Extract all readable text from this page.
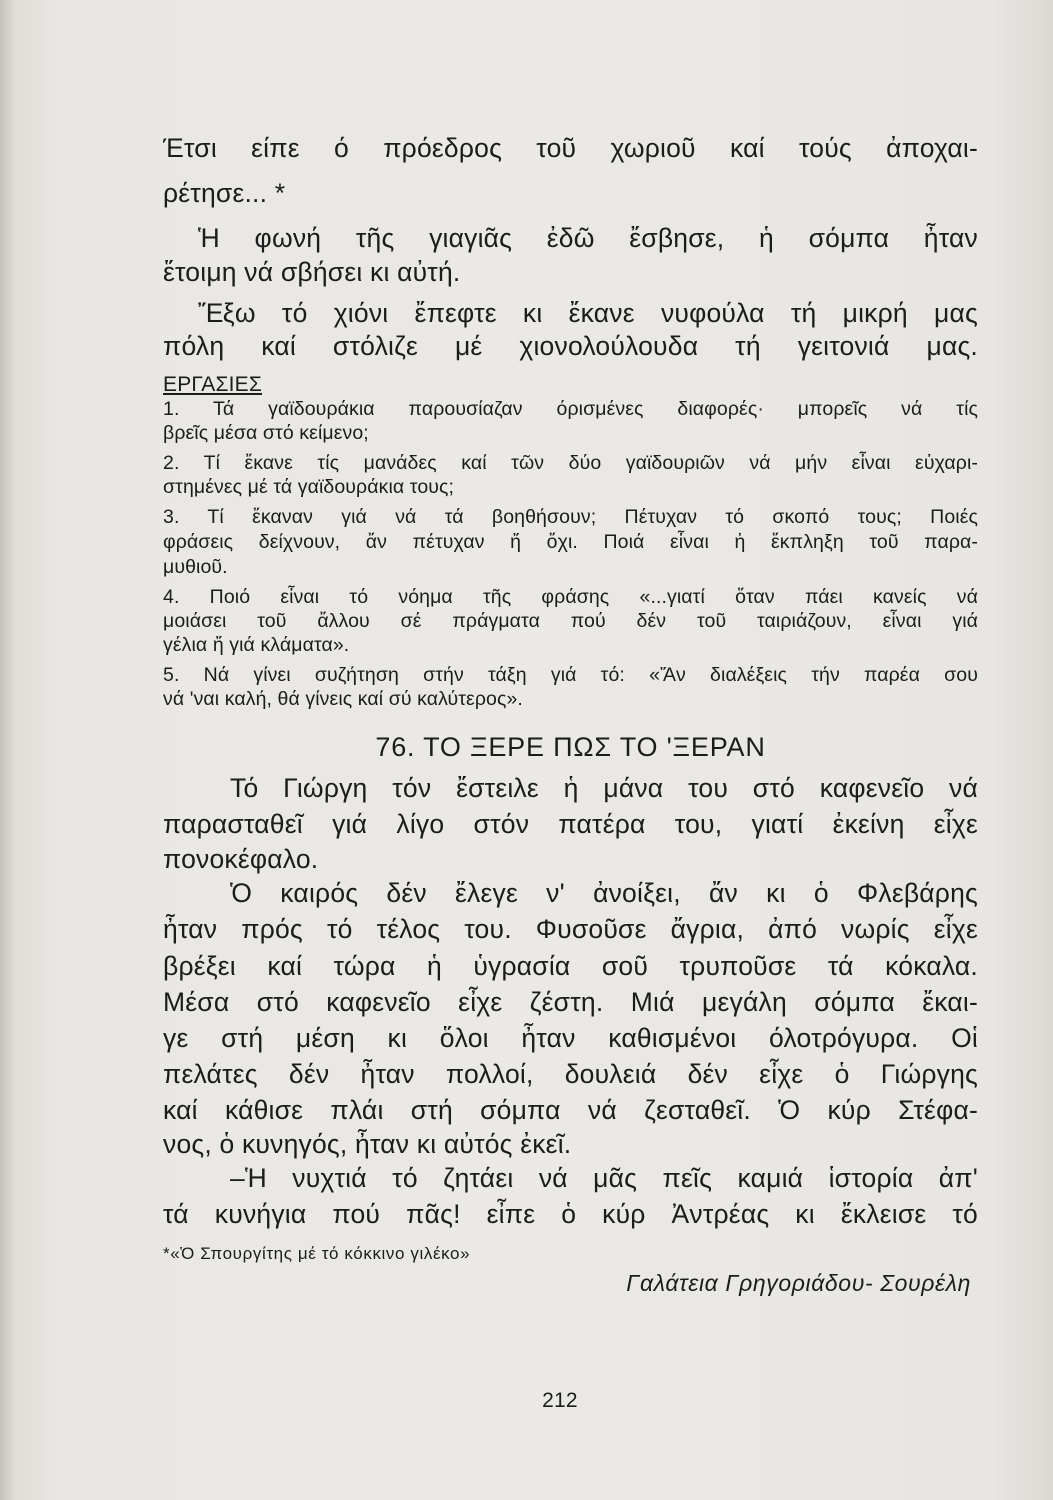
Έτσι είπε ό πρόεδρος τοῦ χωριοῦ καί τούς ἀποχαι-

ρέτησε... *

Ἡ φωνή τῆς γιαγιᾶς ἐδῶ ἔσβησε, ἡ σόμπα ἦταν

ἕτοιμη νά σβήσει κι αὐτή.

Ἔξω τό χιόνι ἔπεφτε κι ἔκανε νυφούλα τή μικρή μας

πόλη καί στόλιζε μέ χιονολούλουδα τή γειτονιά μας.

ΕΡΓΑΣΙΕΣ

1. Τά γαϊδουράκια παρουσίαζαν όρισμένες διαφορές· μπορεῖς νά τίς

βρεῖς μέσα στό κείμενο;

2. Τί ἔκανε τίς μανάδες καί τῶν δύο γαϊδουριῶν νά μήν εἶναι εὐχαρι-

στημένες μέ τά γαϊδουράκια τους;

3. Τί ἔκαναν γιά νά τά βοηθήσουν; Πέτυχαν τό σκοπό τους; Ποιές

φράσεις δείχνουν, ἄν πέτυχαν ἤ ὄχι. Ποιά εἶναι ἡ ἔκπληξη τοῦ παρα-

μυθιοῦ.

4. Ποιό εἶναι τό νόημα τῆς φράσης «...γιατί ὅταν πάει κανείς νά

μοιάσει τοῦ ἄλλου σέ πράγματα πού δέν τοῦ ταιριάζουν, εἶναι γιά

γέλια ἤ γιά κλάματα».

5. Νά γίνει συζήτηση στήν τάξη γιά τό: «Ἄν διαλέξεις τήν παρέα σου

νά 'ναι καλή, θά γίνεις καί σύ καλύτερος».

76. ΤΟ ΞΕΡΕ ΠΩΣ ΤΟ 'ΞΕΡΑΝ

Τό Γιώργη τόν ἔστειλε ἡ μάνα του στό καφενεῖο νά

παρασταθεῖ γιά λίγο στόν πατέρα του, γιατί ἐκείνη εἶχε

πονοκέφαλο.

Ὁ καιρός δέν ἔλεγε ν' ἀνοίξει, ἄν κι ὁ Φλεβάρης

ἦταν πρός τό τέλος του. Φυσοῦσε ἄγρια, ἀπό νωρίς εἶχε

βρέξει καί τώρα ἡ ὑγρασία σοῦ τρυποῦσε τά κόκαλα.

Μέσα στό καφενεῖο εἶχε ζέστη. Μιά μεγάλη σόμπα ἔκαι-

γε στή μέση κι ὅλοι ἦταν καθισμένοι όλοτρόγυρα. Οἱ

πελάτες δέν ἦταν πολλοί, δουλειά δέν εἶχε ὁ Γιώργης

καί κάθισε πλάι στή σόμπα νά ζεσταθεῖ. Ὁ κύρ Στέφα-

νος, ὁ κυνηγός, ἦταν κι αὐτός ἐκεῖ.

–Ἡ νυχτιά τό ζητάει νά μᾶς πεῖς καμιά ἱστορία ἀπ'

τά κυνήγια πού πᾶς! εἶπε ὁ κύρ Ἀντρέας κι ἔκλεισε τό

*«Ὁ Σπουργίτης μέ τό κόκκινο γιλέκο»

Γαλάτεια Γρηγοριάδου- Σουρέλη

212
